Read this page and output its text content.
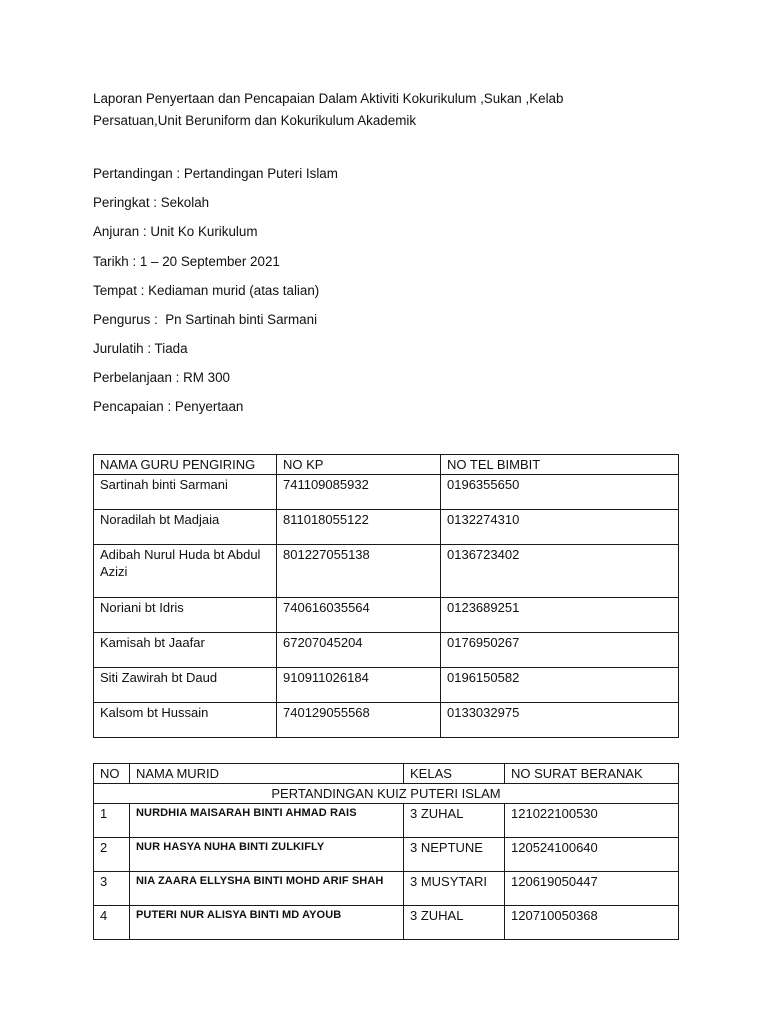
Laporan Penyertaan dan Pencapaian Dalam Aktiviti Kokurikulum ,Sukan ,Kelab Persatuan,Unit Beruniform dan Kokurikulum Akademik
Pertandingan : Pertandingan Puteri Islam
Peringkat : Sekolah
Anjuran : Unit Ko Kurikulum
Tarikh : 1 – 20 September 2021
Tempat : Kediaman murid (atas talian)
Pengurus :  Pn Sartinah binti Sarmani
Jurulatih : Tiada
Perbelanjaan : RM 300
Pencapaian : Penyertaan
NAMA GURU PENGIRING	NO KP	NO TEL BIMBIT
Sartinah binti Sarmani	741109085932	0196355650
Noradilah bt Madjaia	811018055122	0132274310
Adibah Nurul Huda bt Abdul Azizi	801227055138	0136723402
Noriani bt Idris	740616035564	0123689251
Kamisah bt Jaafar	67207045204	0176950267
Siti Zawirah bt Daud	910911026184	0196150582
Kalsom bt Hussain	740129055568	0133032975
NO	NAMA MURID	KELAS	NO SURAT BERANAK
PERTANDINGAN KUIZ PUTERI ISLAM			
1	NURDHIA MAISARAH BINTI AHMAD RAIS	3 ZUHAL	121022100530
2	NUR HASYA NUHA BINTI ZULKIFLY	3 NEPTUNE	120524100640
3	NIA ZAARA ELLYSHA BINTI MOHD ARIF SHAH	3 MUSYTARI	120619050447
4	PUTERI NUR ALISYA BINTI MD AYOUB	3 ZUHAL	120710050368
